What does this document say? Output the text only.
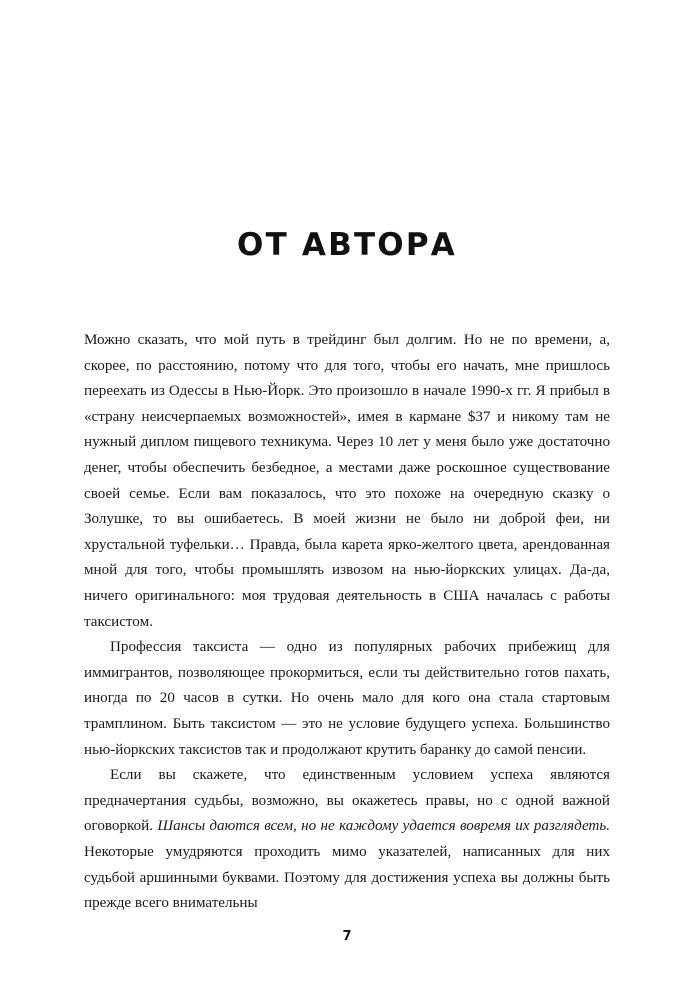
ОТ АВТОРА

Можно сказать, что мой путь в трейдинг был долгим. Но не по времени, а, скорее, по расстоянию, потому что для того, чтобы его начать, мне пришлось переехать из Одессы в Нью-Йорк. Это произошло в начале 1990-х гг. Я прибыл в «страну неисчерпаемых возможностей», имея в кармане $37 и никому там не нужный диплом пищевого техникума. Через 10 лет у меня было уже достаточно денег, чтобы обеспечить безбедное, а местами даже роскошное существование своей семье. Если вам показалось, что это похоже на очередную сказку о Золушке, то вы ошибаетесь. В моей жизни не было ни доброй феи, ни хрустальной туфельки… Правда, была карета ярко-желтого цвета, арендованная мной для того, чтобы промышлять извозом на нью-йоркских улицах. Да-да, ничего оригинального: моя трудовая деятельность в США началась с работы таксистом.

Профессия таксиста — одно из популярных рабочих прибежищ для иммигрантов, позволяющее прокормиться, если ты действительно готов пахать, иногда по 20 часов в сутки. Но очень мало для кого она стала стартовым трамплином. Быть таксистом — это не условие будущего успеха. Большинство нью-йоркских таксистов так и продолжают крутить баранку до самой пенсии.

Если вы скажете, что единственным условием успеха являются предначертания судьбы, возможно, вы окажетесь правы, но с одной важной оговоркой. Шансы даются всем, но не каждому удается вовремя их разглядеть. Некоторые умудряются проходить мимо указателей, написанных для них судьбой аршинными буквами. Поэтому для достижения успеха вы должны быть прежде всего внимательны

7
